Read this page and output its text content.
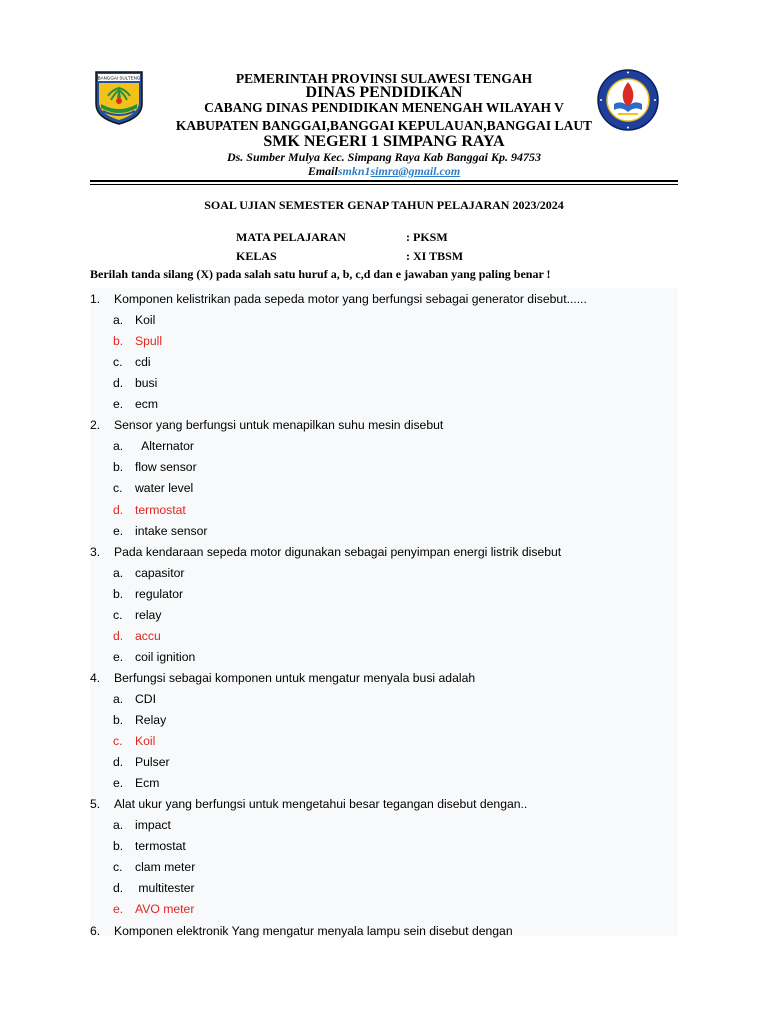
BANGGAI SULTENG	PEMERINTAH PROVINSI SULAWESI TENGAH
DINAS PENDIDIKAN
CABANG DINAS PENDIDIKAN MENENGAH WILAYAH V
KABUPATEN BANGGAI,BANGGAI KEPULAUAN,BANGGAI LAUT
SMK NEGERI 1 SIMPANG RAYA
Ds. Sumber Mulya Kec. Simpang Raya Kab Banggai Kp. 94753
Emailsmkn1simra@gmail.com
SOAL UJIAN SEMESTER GENAP TAHUN PELAJARAN 2023/2024
MATA PELAJARAN	: PKSM
KELAS	: XI TBSM
Berilah tanda silang (X) pada salah satu huruf a, b, c,d dan e jawaban yang paling benar !
1. Komponen kelistrikan pada sepeda motor yang berfungsi sebagai generator disebut......
a. Koil
b. Spull
c. cdi
d. busi
e. ecm
2. Sensor yang berfungsi untuk menapilkan suhu mesin disebut
a. Alternator
b. flow sensor
c. water level
d. termostat
e. intake sensor
3. Pada kendaraan sepeda motor digunakan sebagai penyimpan energi listrik disebut
a. capasitor
b. regulator
c. relay
d. accu
e. coil ignition
4. Berfungsi sebagai komponen untuk mengatur menyala busi adalah
a. CDI
b. Relay
c. Koil
d. Pulser
e. Ecm
5. Alat ukur yang berfungsi untuk mengetahui besar tegangan disebut dengan..
a. impact
b. termostat
c. clam meter
d. multitester
e. AVO meter
6. Komponen elektronik Yang mengatur menyala lampu sein disebut dengan
